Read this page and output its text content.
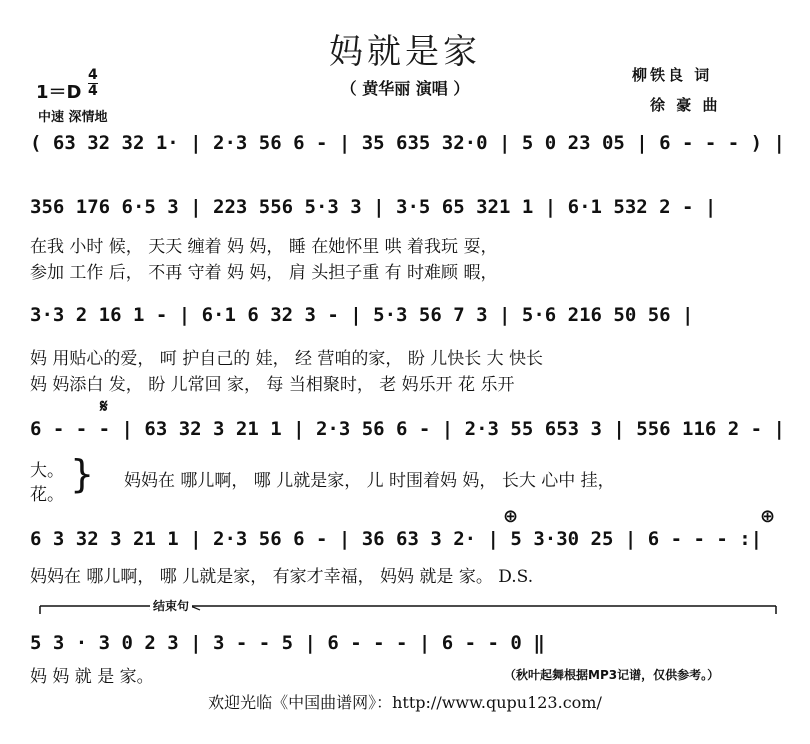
妈就是家
（ 黄华丽 演唱 ）
柳铁良 词
徐 豪 曲
$1=D \frac{4}{4}$
中速 深情地
( 63 32 32 1· | 2·3 56 6 - | 35 635 32·0 | 5 0 23 05 | 6 - - - ) |
356 176 6·5 3 | 223 556 5·3 3 | 3·5 65 321 1 | 6·1 532 2 - |
在我 小时 候， 天天 缠着 妈 妈， 睡 在她怀里 哄 着我玩 耍，
参加 工作 后， 不再 守着 妈 妈， 肩 头担子重 有 时难顾 暇，
3·3 2 16 1 - | 6·1 6 32 3 - | 5·3 56 7 3 | 5·6 216 50 56 |
妈 用贴心的爱， 呵 护自己的 娃， 经 营咱的家， 盼 儿快长 大 快长
妈 妈添白 发， 盼 儿常回 家， 每 当相聚时， 老 妈乐开 花 乐开
𝄋
6 - - - | 63 32 3 21 1 | 2·3 56 6 - | 2·3 55 653 3 | 556 116 2 - |
大。
花。 } 妈妈在 哪儿啊， 哪 儿就是家， 儿 时围着妈 妈， 长大 心中 挂，
⊕	⊕
6 3 32 3 21 1 | 2·3 56 6 - | 36 63 3 2· | 5 3·30 25 | 6 - - - :|
妈妈在 哪儿啊， 哪 儿就是家， 有家才幸福， 妈妈 就是 家。 D.S.
结束句
5 3 · 3 0 2 3 | 3 - - 5 | 6 - - - | 6 - - 0 ‖
妈 妈 就 是 家。	（秋叶起舞根据MP3记谱，仅供参考。）
欢迎光临《中国曲谱网》：http://www.qupu123.com/
